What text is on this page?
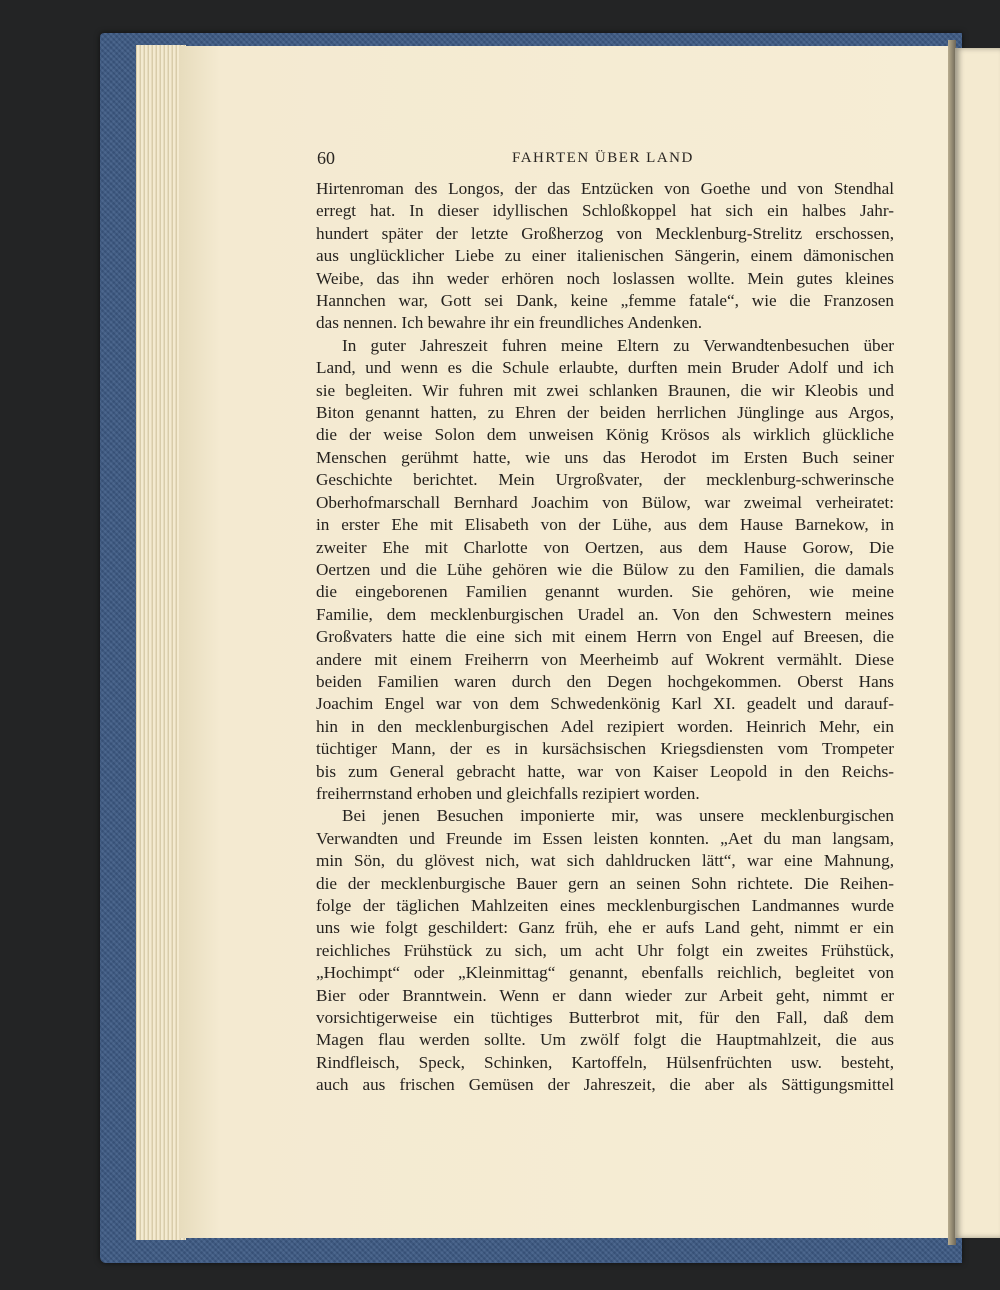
60	FAHRTEN ÜBER LAND
Hirtenroman des Longos, der das Entzücken von Goethe und von Stendhal
erregt hat. In dieser idyllischen Schloßkoppel hat sich ein halbes Jahr-
hundert später der letzte Großherzog von Mecklenburg-Strelitz erschossen,
aus unglücklicher Liebe zu einer italienischen Sängerin, einem dämonischen
Weibe, das ihn weder erhören noch loslassen wollte. Mein gutes kleines
Hannchen war, Gott sei Dank, keine „femme fatale“, wie die Franzosen
das nennen. Ich bewahre ihr ein freundliches Andenken.
In guter Jahreszeit fuhren meine Eltern zu Verwandtenbesuchen über
Land, und wenn es die Schule erlaubte, durften mein Bruder Adolf und ich
sie begleiten. Wir fuhren mit zwei schlanken Braunen, die wir Kleobis und
Biton genannt hatten, zu Ehren der beiden herrlichen Jünglinge aus Argos,
die der weise Solon dem unweisen König Krösos als wirklich glückliche
Menschen gerühmt hatte, wie uns das Herodot im Ersten Buch seiner
Geschichte berichtet. Mein Urgroßvater, der mecklenburg-schwerinsche
Oberhofmarschall Bernhard Joachim von Bülow, war zweimal verheiratet:
in erster Ehe mit Elisabeth von der Lühe, aus dem Hause Barnekow, in
zweiter Ehe mit Charlotte von Oertzen, aus dem Hause Gorow, Die
Oertzen und die Lühe gehören wie die Bülow zu den Familien, die damals
die eingeborenen Familien genannt wurden. Sie gehören, wie meine
Familie, dem mecklenburgischen Uradel an. Von den Schwestern meines
Großvaters hatte die eine sich mit einem Herrn von Engel auf Breesen, die
andere mit einem Freiherrn von Meerheimb auf Wokrent vermählt. Diese
beiden Familien waren durch den Degen hochgekommen. Oberst Hans
Joachim Engel war von dem Schwedenkönig Karl XI. geadelt und darauf-
hin in den mecklenburgischen Adel rezipiert worden. Heinrich Mehr, ein
tüchtiger Mann, der es in kursächsischen Kriegsdiensten vom Trompeter
bis zum General gebracht hatte, war von Kaiser Leopold in den Reichs-
freiherrnstand erhoben und gleichfalls rezipiert worden.
Bei jenen Besuchen imponierte mir, was unsere mecklenburgischen
Verwandten und Freunde im Essen leisten konnten. „Aet du man langsam,
min Sön, du glövest nich, wat sich dahldrucken lätt“, war eine Mahnung,
die der mecklenburgische Bauer gern an seinen Sohn richtete. Die Reihen-
folge der täglichen Mahlzeiten eines mecklenburgischen Landmannes wurde
uns wie folgt geschildert: Ganz früh, ehe er aufs Land geht, nimmt er ein
reichliches Frühstück zu sich, um acht Uhr folgt ein zweites Frühstück,
„Hochimpt“ oder „Kleinmittag“ genannt, ebenfalls reichlich, begleitet von
Bier oder Branntwein. Wenn er dann wieder zur Arbeit geht, nimmt er
vorsichtigerweise ein tüchtiges Butterbrot mit, für den Fall, daß dem
Magen flau werden sollte. Um zwölf folgt die Hauptmahlzeit, die aus
Rindfleisch, Speck, Schinken, Kartoffeln, Hülsenfrüchten usw. besteht,
auch aus frischen Gemüsen der Jahreszeit, die aber als Sättigungsmittel
